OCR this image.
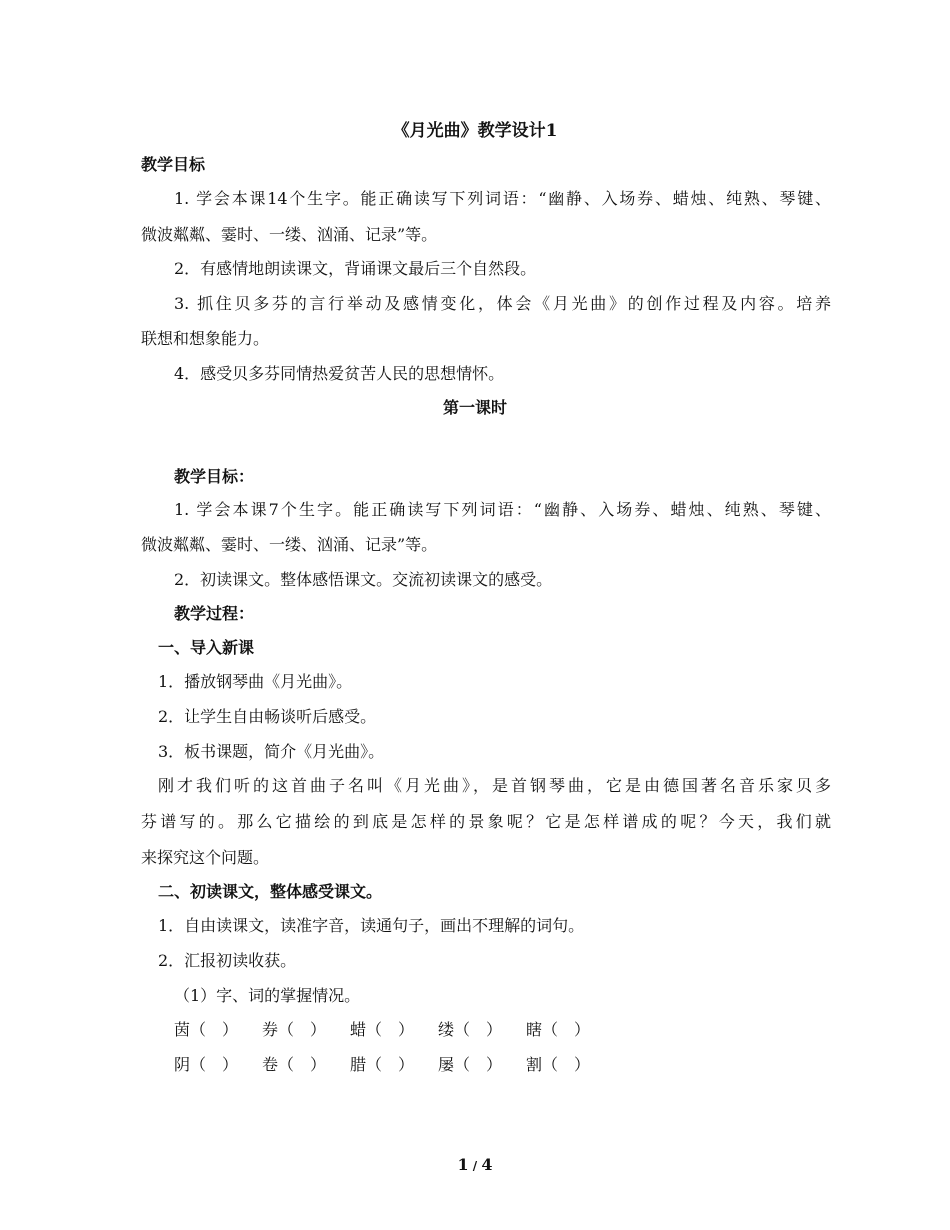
《月光曲》教学设计1
教学目标
1. 学会本课14个生字。能正确读写下列词语：“幽静、入场券、蜡烛、纯熟、琴键、
微波粼粼、霎时、一缕、汹涌、记录”等。
2．有感情地朗读课文，背诵课文最后三个自然段。
3. 抓住贝多芬的言行举动及感情变化，体会《月光曲》的创作过程及内容。培养
联想和想象能力。
4．感受贝多芬同情热爱贫苦人民的思想情怀。
第一课时
教学目标：
1. 学会本课7个生字。能正确读写下列词语：“幽静、入场券、蜡烛、纯熟、琴键、
微波粼粼、霎时、一缕、汹涌、记录”等。
2．初读课文。整体感悟课文。交流初读课文的感受。
教学过程：
一、导入新课
1．播放钢琴曲《月光曲》。
2．让学生自由畅谈听后感受。
3．板书课题，简介《月光曲》。
刚才我们听的这首曲子名叫《月光曲》，是首钢琴曲，它是由德国著名音乐家贝多
芬谱写的。那么它描绘的到底是怎样的景象呢？它是怎样谱成的呢？今天，我们就
来探究这个问题。
二、初读课文，整体感受课文。
1．自由读课文，读准字音，读通句子，画出不理解的词句。
2．汇报初读收获。
（1）字、词的掌握情况。
茵（　） 券（　） 蜡（　） 缕（　） 瞎（　）
阴（　） 卷（　） 腊（　） 屡（　） 割（　）
1 / 4
